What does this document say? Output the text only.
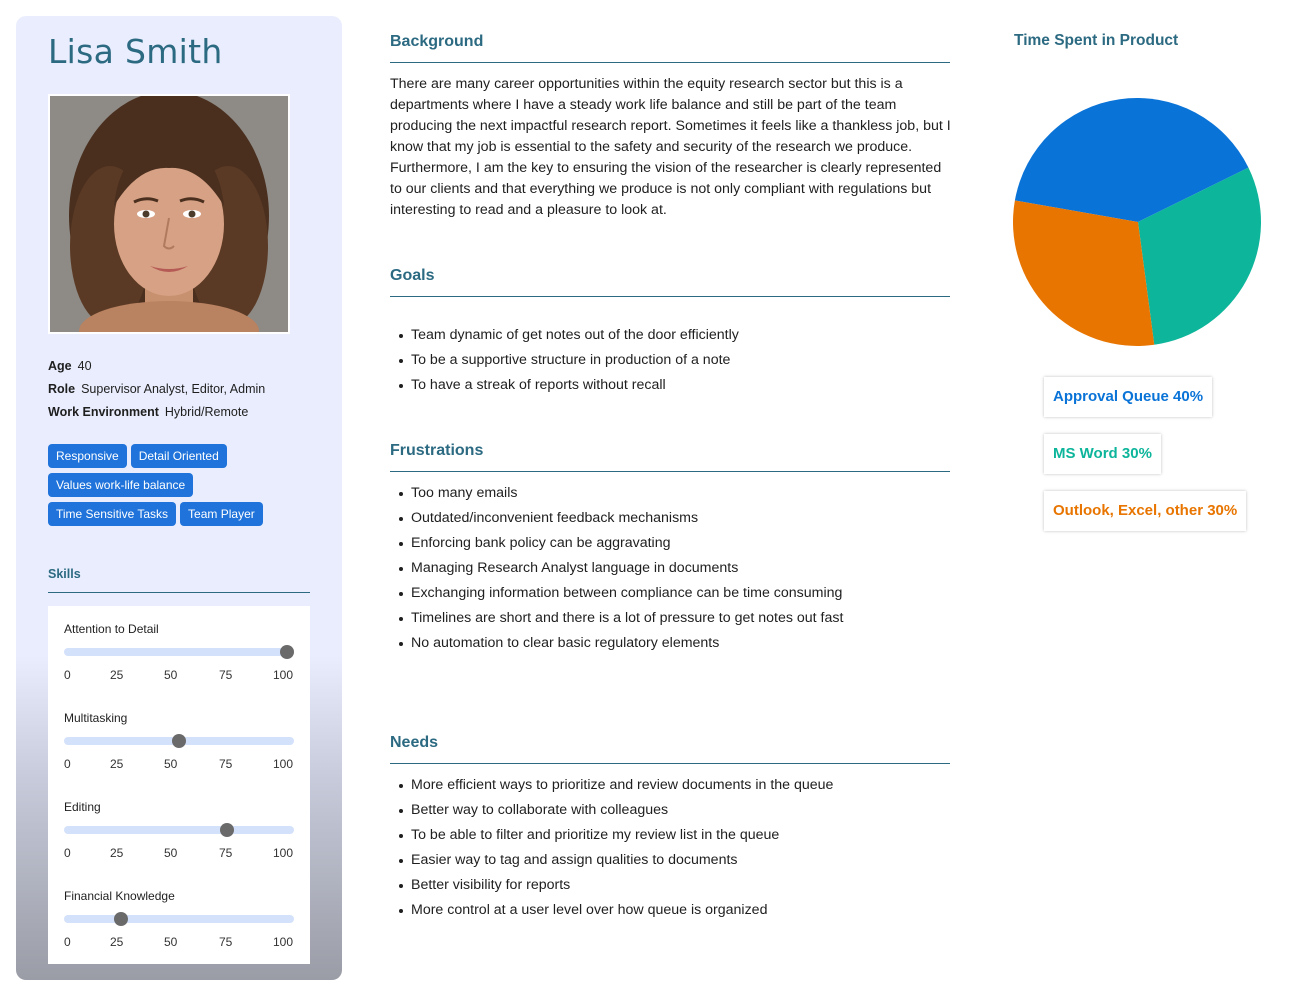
Lisa Smith
Age 40
Role Supervisor Analyst, Editor, Admin
Work Environment Hybrid/Remote
Responsive Detail Oriented
Values work-life balance
Time Sensitive Tasks Team Player
Skills
Attention to Detail
0	25	50	75	100
Multitasking
0	25	50	75	100
Editing
0	25	50	75	100
Financial Knowledge
0	25	50	75	100
Background
There are many career opportunities within the equity research sector but this is a departments where I have a steady work life balance and still be part of the team producing the next impactful research report. Sometimes it feels like a thankless job, but I know that my job is essential to the safety and security of the research we produce. Furthermore, I am the key to ensuring the vision of the researcher is clearly represented to our clients and that everything we produce is not only compliant with regulations but interesting to read and a pleasure to look at.
Goals
Team dynamic of get notes out of the door efficiently
To be a supportive structure in production of a note
To have a streak of reports without recall
Frustrations
Too many emails
Outdated/inconvenient feedback mechanisms
Enforcing bank policy can be aggravating
Managing Research Analyst language in documents
Exchanging information between compliance can be time consuming
Timelines are short and there is a lot of pressure to get notes out fast
No automation to clear basic regulatory elements
Needs
More efficient ways to prioritize and review documents in the queue
Better way to collaborate with colleagues
To be able to filter and prioritize my review list in the queue
Easier way to tag and assign qualities to documents
Better visibility for reports
More control at a user level over how queue is organized
Time Spent in Product
Approval Queue 40%
MS Word 30%
Outlook, Excel, other 30%
